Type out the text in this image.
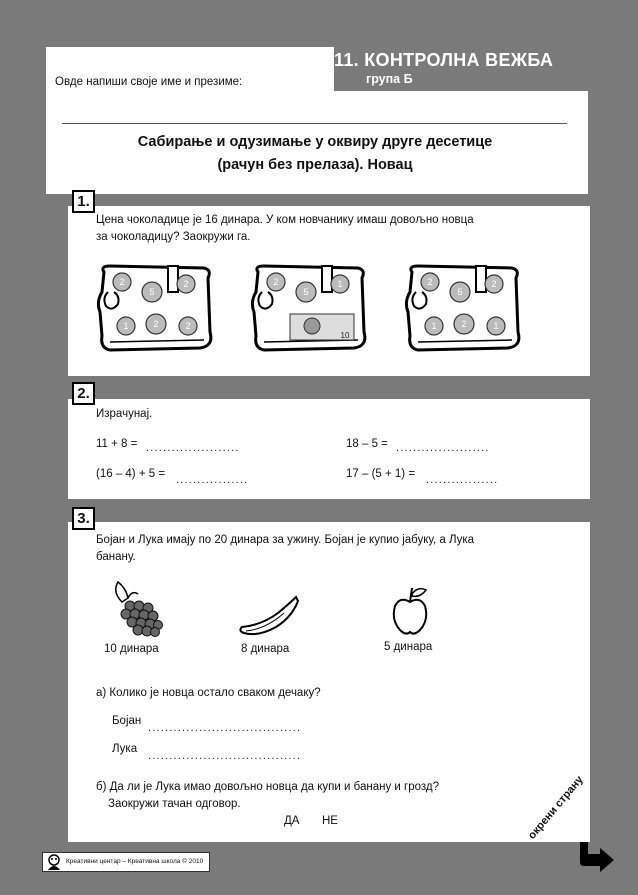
11. КОНТРОЛНА ВЕЖБА
група Б
Овде напиши своје име и презиме:
Сабирање и одузимање у оквиру друге десетице
(рачун без прелаза). Новац
1.
Цена чоколадице је 16 динара. У ком новчанику имаш довољно новца
за чоколадицу? Заокружи га.
2
5
2
1	2	2
2
5
1
10
2
5
2
1	2	1
2.
Израчунај.
11 + 8 = ......................	18 – 5 = ......................
(16 – 4) + 5 = .................	17 – (5 + 1) = .................
3.
Бојан и Лука имају по 20 динара за ужину. Бојан је купио јабуку, а Лука
банану.
10 динара	8 динара	5 динара
а) Колико је новца остало сваком дечаку?
Бојан
....................................
Лука
....................................
б) Да ли је Лука имао довољно новца да купи и банану и грозд?
Заокружи тачан одговор.
ДА НЕ
Креативни центар – Креативна школа © 2010
окрени страну
